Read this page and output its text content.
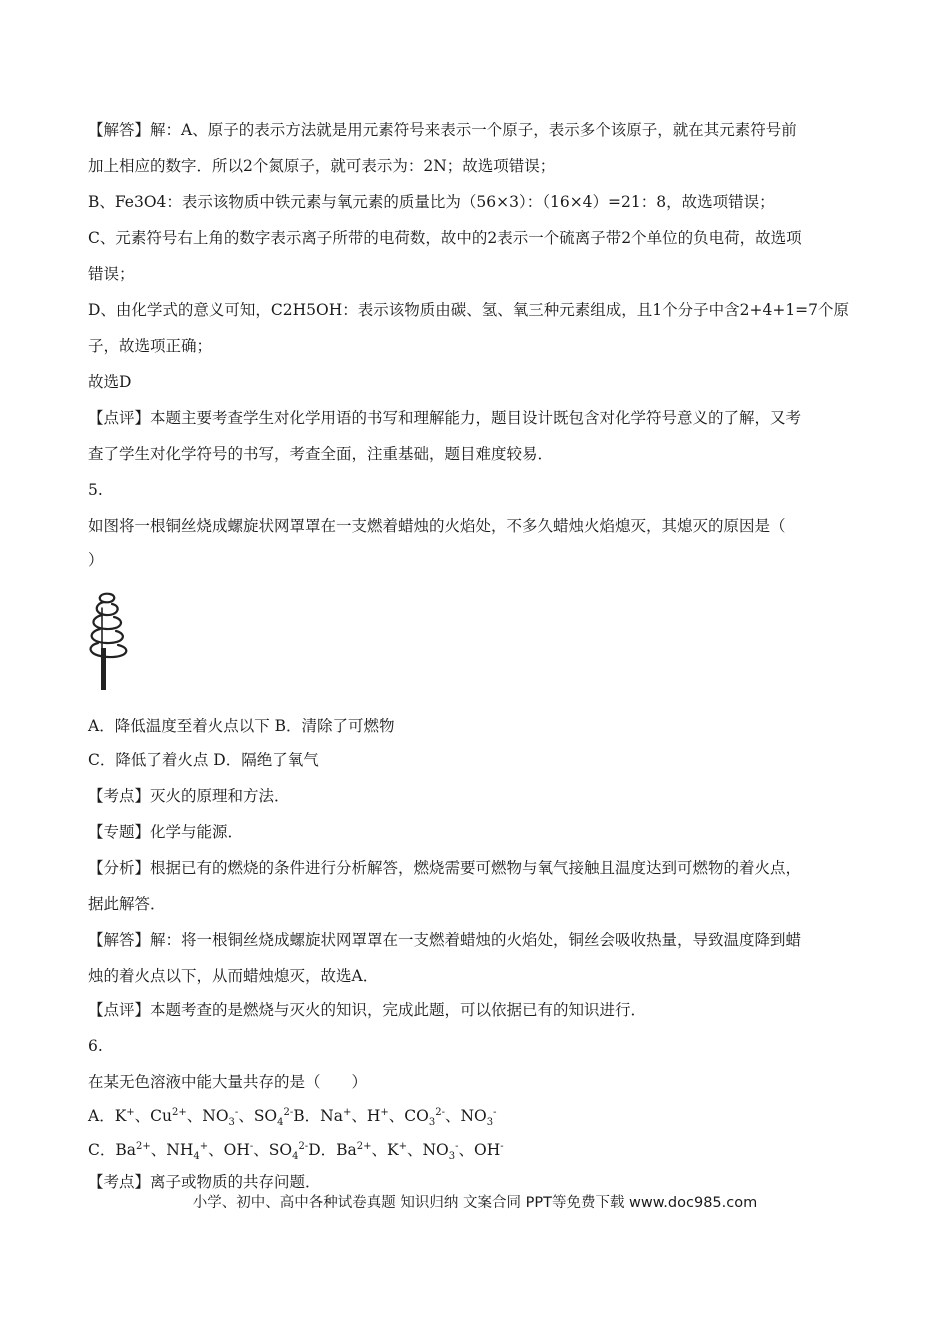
【解答】解：A、原子的表示方法就是用元素符号来表示一个原子，表示多个该原子，就在其元素符号前
加上相应的数字．所以2个氮原子，就可表示为：2N；故选项错误；
B、Fe3O4：表示该物质中铁元素与氧元素的质量比为（56×3）：（16×4）=21：8，故选项错误；
C、元素符号右上角的数字表示离子所带的电荷数，故中的2表示一个硫离子带2个单位的负电荷，故选项
错误；
D、由化学式的意义可知，C2H5OH：表示该物质由碳、氢、氧三种元素组成，且1个分子中含2+4+1=7个原
子，故选项正确；
故选D
【点评】本题主要考查学生对化学用语的书写和理解能力，题目设计既包含对化学符号意义的了解，又考
查了学生对化学符号的书写，考查全面，注重基础，题目难度较易．
5.
如图将一根铜丝烧成螺旋状网罩罩在一支燃着蜡烛的火焰处，不多久蜡烛火焰熄灭，其熄灭的原因是（
）
A．降低温度至着火点以下 B．清除了可燃物
C．降低了着火点 D．隔绝了氧气
【考点】灭火的原理和方法．
【专题】化学与能源．
【分析】根据已有的燃烧的条件进行分析解答，燃烧需要可燃物与氧气接触且温度达到可燃物的着火点，
据此解答．
【解答】解：将一根铜丝烧成螺旋状网罩罩在一支燃着蜡烛的火焰处，铜丝会吸收热量，导致温度降到蜡
烛的着火点以下，从而蜡烛熄灭，故选A．
【点评】本题考查的是燃烧与灭火的知识，完成此题，可以依据已有的知识进行．
6.
在某无色溶液中能大量共存的是（　　）
A．K+、$Cu^{2+}$、$NO_3^-$、$SO_4^{2-}B$．Na+、H+、$CO_3^{2-}$、$NO_3^-$
C．$Ba^{2+}$、$NH_4^+$、OH-、$SO_4^{2-}D$．$Ba^{2+}$、K+、$NO_3^-$、OH-
【考点】离子或物质的共存问题．
小学、初中、高中各种试卷真题 知识归纳 文案合同 PPT等免费下载 www.doc985.com
